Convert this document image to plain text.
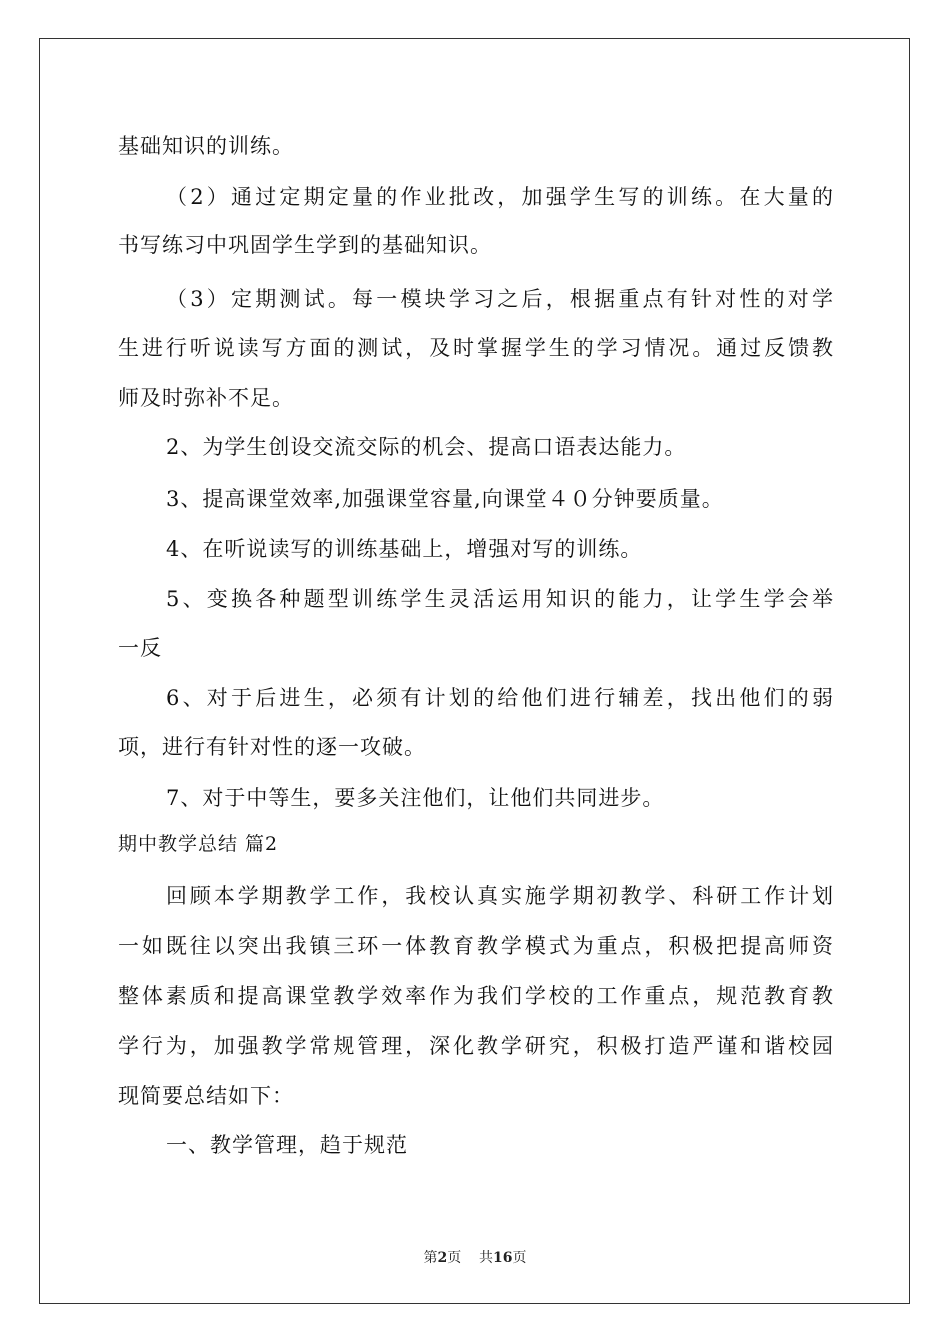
基础知识的训练。
（2）通过定期定量的作业批改，加强学生写的训练。在大量的
书写练习中巩固学生学到的基础知识。
（3）定期测试。每一模块学习之后，根据重点有针对性的对学
生进行听说读写方面的测试，及时掌握学生的学习情况。通过反馈教
师及时弥补不足。
2、为学生创设交流交际的机会、提高口语表达能力。
3、提高课堂效率,加强课堂容量,向课堂４０分钟要质量。
4、在听说读写的训练基础上，增强对写的训练。
5、变换各种题型训练学生灵活运用知识的能力，让学生学会举
一反
6、对于后进生，必须有计划的给他们进行辅差，找出他们的弱
项，进行有针对性的逐一攻破。
7、对于中等生，要多关注他们，让他们共同进步。
期中教学总结 篇2
回顾本学期教学工作，我校认真实施学期初教学、科研工作计划
一如既往以突出我镇三环一体教育教学模式为重点，积极把提高师资
整体素质和提高课堂教学效率作为我们学校的工作重点，规范教育教
学行为，加强教学常规管理，深化教学研究，积极打造严谨和谐校园
现简要总结如下：
一、教学管理，趋于规范
第2页 共16页
